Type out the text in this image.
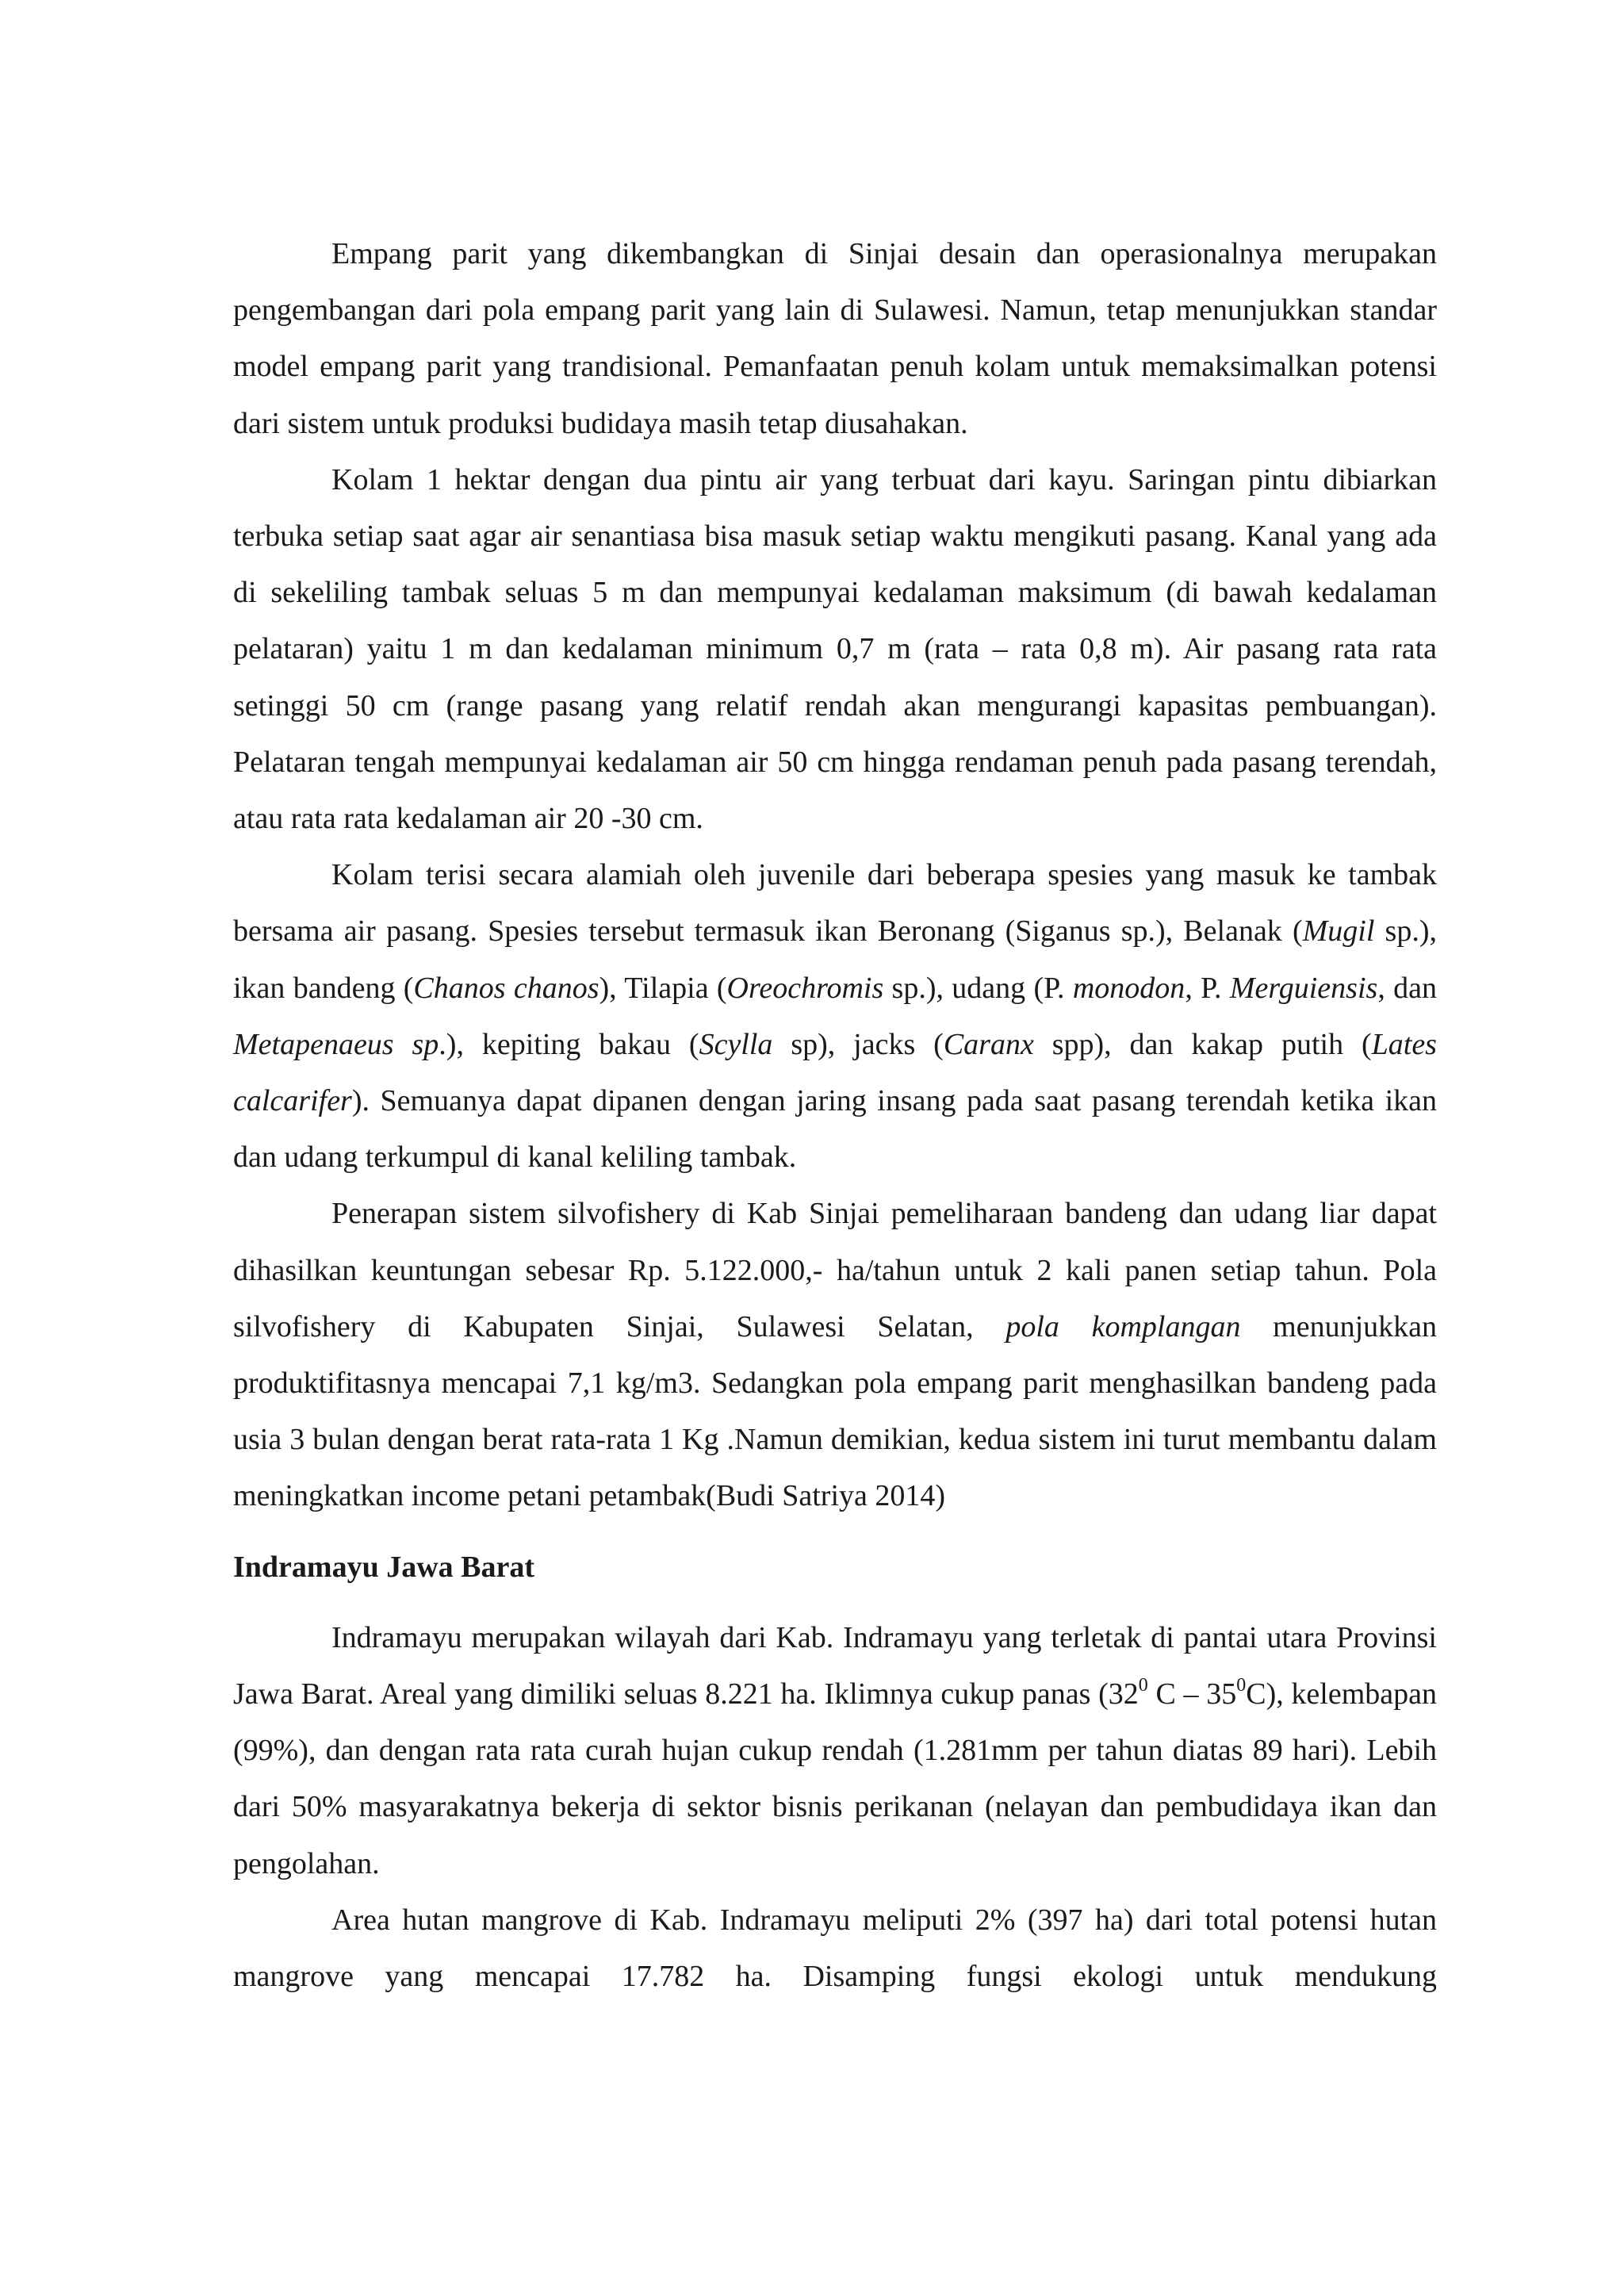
Empang parit yang dikembangkan di Sinjai desain dan operasionalnya merupakan pengembangan dari pola empang parit yang lain di Sulawesi. Namun, tetap menunjukkan standar model empang parit yang trandisional. Pemanfaatan penuh kolam untuk memaksimalkan potensi dari sistem untuk produksi budidaya masih tetap diusahakan.

Kolam 1 hektar dengan dua pintu air yang terbuat dari kayu. Saringan pintu dibiarkan terbuka setiap saat agar air senantiasa bisa masuk setiap waktu mengikuti pasang. Kanal yang ada di sekeliling tambak seluas 5 m dan mempunyai kedalaman maksimum (di bawah kedalaman pelataran) yaitu 1 m dan kedalaman minimum 0,7 m (rata – rata 0,8 m). Air pasang rata rata setinggi 50 cm (range pasang yang relatif rendah akan mengurangi kapasitas pembuangan). Pelataran tengah mempunyai kedalaman air 50 cm hingga rendaman penuh pada pasang terendah, atau rata rata kedalaman air 20 -30 cm.

Kolam terisi secara alamiah oleh juvenile dari beberapa spesies yang masuk ke tambak bersama air pasang. Spesies tersebut termasuk ikan Beronang (Siganus sp.), Belanak (Mugil sp.), ikan bandeng (Chanos chanos), Tilapia (Oreochromis sp.), udang (P. monodon, P. Merguiensis, dan Metapenaeus sp.), kepiting bakau (Scylla sp), jacks (Caranx spp), dan kakap putih (Lates calcarifer). Semuanya dapat dipanen dengan jaring insang pada saat pasang terendah ketika ikan dan udang terkumpul di kanal keliling tambak.

Penerapan sistem silvofishery di Kab Sinjai pemeliharaan bandeng dan udang liar dapat dihasilkan keuntungan sebesar Rp. 5.122.000,- ha/tahun untuk 2 kali panen setiap tahun. Pola silvofishery di Kabupaten Sinjai, Sulawesi Selatan, pola komplangan menunjukkan produktifitasnya mencapai 7,1 kg/m3. Sedangkan pola empang parit menghasilkan bandeng pada usia 3 bulan dengan berat rata-rata 1 Kg .Namun demikian, kedua sistem ini turut membantu dalam meningkatkan income petani petambak(Budi Satriya 2014)

Indramayu Jawa Barat

Indramayu merupakan wilayah dari Kab. Indramayu yang terletak di pantai utara Provinsi Jawa Barat. Areal yang dimiliki seluas 8.221 ha. Iklimnya cukup panas ($32^0$ C – $35^0C$), kelembapan (99%), dan dengan rata rata curah hujan cukup rendah (1.281mm per tahun diatas 89 hari). Lebih dari 50% masyarakatnya bekerja di sektor bisnis perikanan (nelayan dan pembudidaya ikan dan pengolahan.

Area hutan mangrove di Kab. Indramayu meliputi 2% (397 ha) dari total potensi hutan mangrove yang mencapai 17.782 ha. Disamping fungsi ekologi untuk mendukung
